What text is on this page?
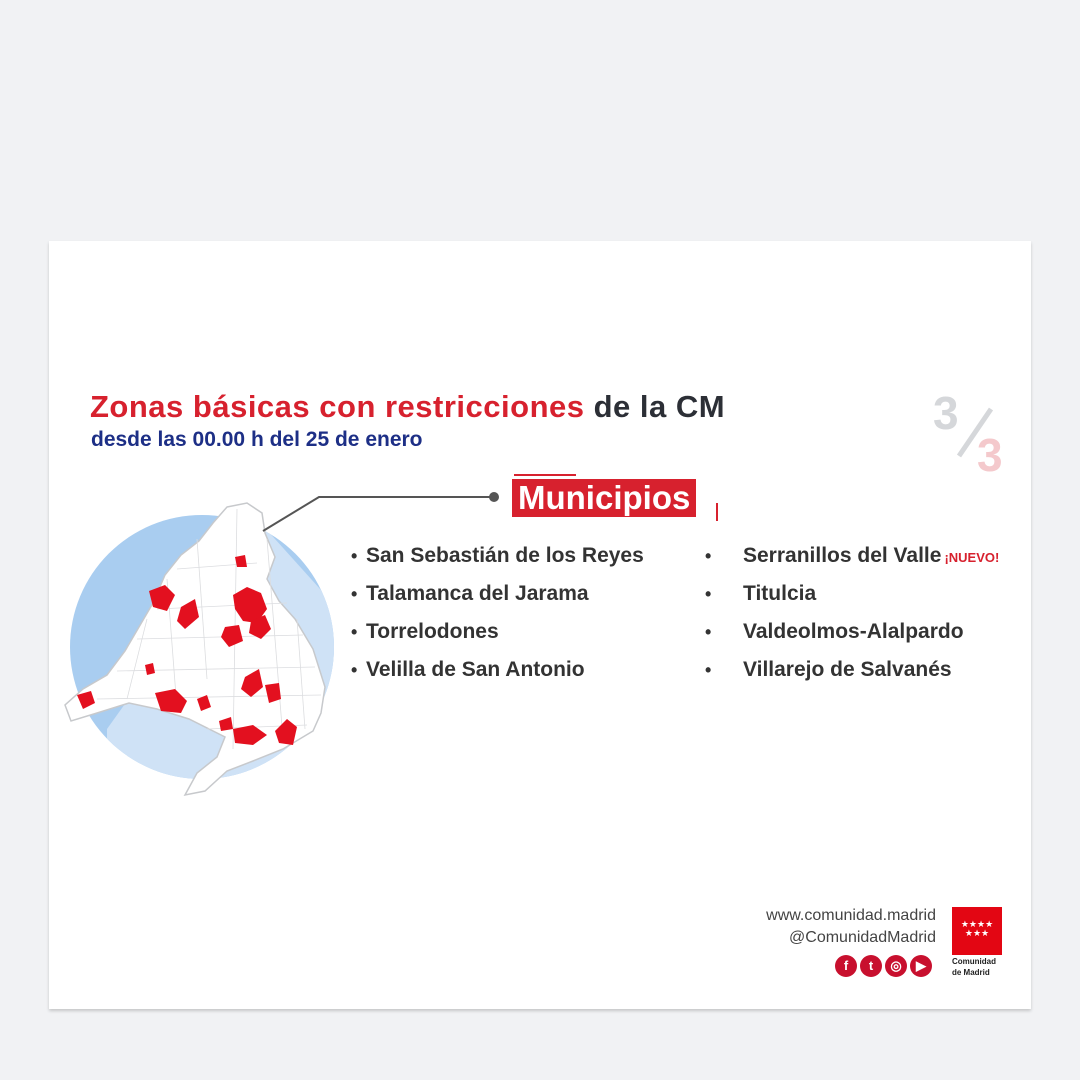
Zonas básicas con restricciones de la CM
desde las 00.00 h del 25 de enero
3
3
Municipios
• San Sebastián de los Reyes
• Talamanca del Jarama
• Torrelodones
• Velilla de San Antonio
• Serranillos del Valle ¡NUEVO!
• Titulcia
• Valdeolmos-Alalpardo
• Villarejo de Salvanés
www.comunidad.madrid
@ComunidadMadrid
f	t	◎	▶
★★★★ ★★★
Comunidad
de Madrid
